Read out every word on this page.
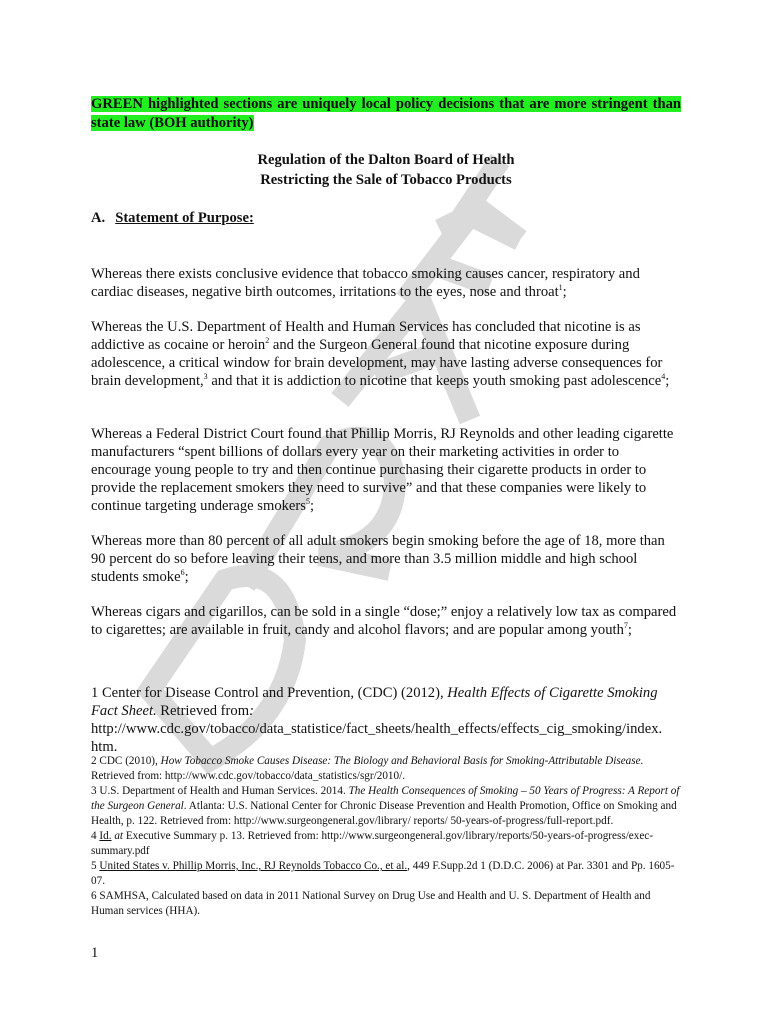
GREEN highlighted sections are uniquely local policy decisions that are more stringent than state law (BOH authority)
Regulation of the Dalton Board of Health
Restricting the Sale of Tobacco Products
A. Statement of Purpose:
Whereas there exists conclusive evidence that tobacco smoking causes cancer, respiratory and cardiac diseases, negative birth outcomes, irritations to the eyes, nose and throat$^1$;
Whereas the U.S. Department of Health and Human Services has concluded that nicotine is as addictive as cocaine or heroin$^2$ and the Surgeon General found that nicotine exposure during adolescence, a critical window for brain development, may have lasting adverse consequences for brain development,$^3$ and that it is addiction to nicotine that keeps youth smoking past adolescence$^4$;
Whereas a Federal District Court found that Phillip Morris, RJ Reynolds and other leading cigarette manufacturers “spent billions of dollars every year on their marketing activities in order to encourage young people to try and then continue purchasing their cigarette products in order to provide the replacement smokers they need to survive” and that these companies were likely to continue targeting underage smokers$^5$;
Whereas more than 80 percent of all adult smokers begin smoking before the age of 18, more than 90 percent do so before leaving their teens, and more than 3.5 million middle and high school students smoke$^6$;
Whereas cigars and cigarillos, can be sold in a single “dose;” enjoy a relatively low tax as compared to cigarettes; are available in fruit, candy and alcohol flavors; and are popular among youth$^7$;
1 Center for Disease Control and Prevention, (CDC) (2012), Health Effects of Cigarette Smoking Fact Sheet. Retrieved from: http://www.cdc.gov/tobacco/data_statistice/fact_sheets/health_effects/effects_cig_smoking/index. htm.
2 CDC (2010), How Tobacco Smoke Causes Disease: The Biology and Behavioral Basis for Smoking-Attributable Disease. Retrieved from: http://www.cdc.gov/tobacco/data_statistics/sgr/2010/.
3 U.S. Department of Health and Human Services. 2014. The Health Consequences of Smoking – 50 Years of Progress: A Report of the Surgeon General. Atlanta: U.S. National Center for Chronic Disease Prevention and Health Promotion, Office on Smoking and Health, p. 122. Retrieved from: http://www.surgeongeneral.gov/library/ reports/ 50-years-of-progress/full-report.pdf.
4 Id. at Executive Summary p. 13. Retrieved from: http://www.surgeongeneral.gov/library/reports/50-years-of-progress/exec-summary.pdf
5 United States v. Phillip Morris, Inc., RJ Reynolds Tobacco Co., et al., 449 F.Supp.2d 1 (D.D.C. 2006) at Par. 3301 and Pp. 1605-07.
6 SAMHSA, Calculated based on data in 2011 National Survey on Drug Use and Health and U. S. Department of Health and Human services (HHA).
1
